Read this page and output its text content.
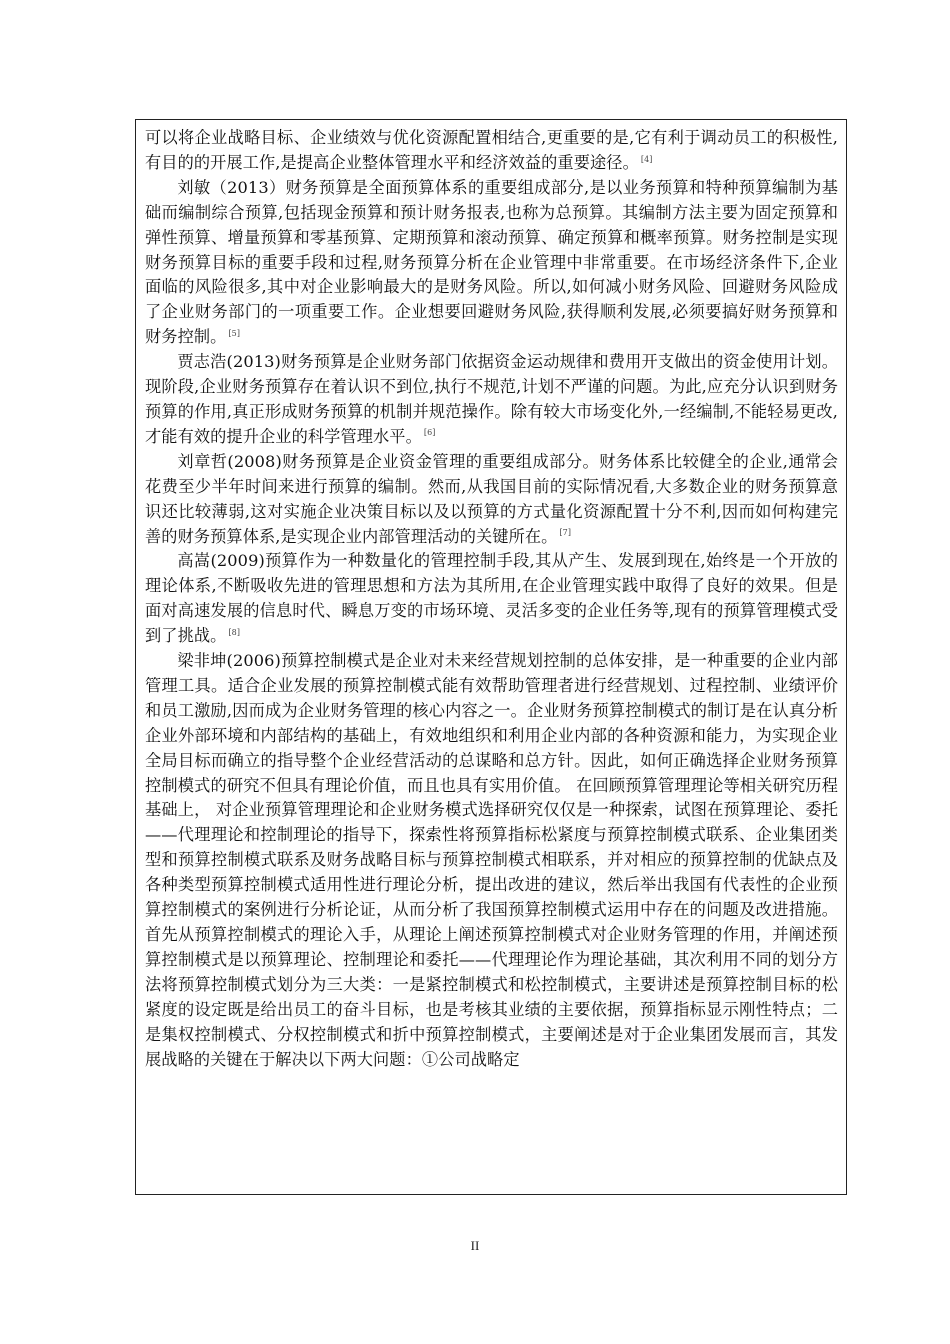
可以将企业战略目标、企业绩效与优化资源配置相结合,更重要的是,它有利于调动员工的积极性,有目的的开展工作,是提高企业整体管理水平和经济效益的重要途径。 [4]

刘敏（2013）财务预算是全面预算体系的重要组成部分,是以业务预算和特种预算编制为基础而编制综合预算,包括现金预算和预计财务报表,也称为总预算。其编制方法主要为固定预算和弹性预算、增量预算和零基预算、定期预算和滚动预算、确定预算和概率预算。财务控制是实现财务预算目标的重要手段和过程,财务预算分析在企业管理中非常重要。在市场经济条件下,企业面临的风险很多,其中对企业影响最大的是财务风险。所以,如何减小财务风险、回避财务风险成了企业财务部门的一项重要工作。企业想要回避财务风险,获得顺利发展,必须要搞好财务预算和财务控制。 [5]

贾志浩(2013)财务预算是企业财务部门依据资金运动规律和费用开支做出的资金使用计划。现阶段,企业财务预算存在着认识不到位,执行不规范,计划不严谨的问题。为此,应充分认识到财务预算的作用,真正形成财务预算的机制并规范操作。除有较大市场变化外,一经编制,不能轻易更改,才能有效的提升企业的科学管理水平。 [6]

刘章哲(2008)财务预算是企业资金管理的重要组成部分。财务体系比较健全的企业,通常会花费至少半年时间来进行预算的编制。然而,从我国目前的实际情况看,大多数企业的财务预算意识还比较薄弱,这对实施企业决策目标以及以预算的方式量化资源配置十分不利,因而如何构建完善的财务预算体系,是实现企业内部管理活动的关键所在。 [7]

高嵩(2009)预算作为一种数量化的管理控制手段,其从产生、发展到现在,始终是一个开放的理论体系,不断吸收先进的管理思想和方法为其所用,在企业管理实践中取得了良好的效果。但是面对高速发展的信息时代、瞬息万变的市场环境、灵活多变的企业任务等,现有的预算管理模式受到了挑战。 [8]

梁非坤(2006)预算控制模式是企业对未来经营规划控制的总体安排，是一种重要的企业内部管理工具。适合企业发展的预算控制模式能有效帮助管理者进行经营规划、过程控制、业绩评价和员工激励,因而成为企业财务管理的核心内容之一。企业财务预算控制模式的制订是在认真分析企业外部环境和内部结构的基础上，有效地组织和利用企业内部的各种资源和能力，为实现企业全局目标而确立的指导整个企业经营活动的总谋略和总方针。因此，如何正确选择企业财务预算控制模式的研究不但具有理论价值，而且也具有实用价值。 在回顾预算管理理论等相关研究历程基础上， 对企业预算管理理论和企业财务模式选择研究仅仅是一种探索，试图在预算理论、委托——代理理论和控制理论的指导下，探索性将预算指标松紧度与预算控制模式联系、企业集团类型和预算控制模式联系及财务战略目标与预算控制模式相联系，并对相应的预算控制的优缺点及各种类型预算控制模式适用性进行理论分析，提出改进的建议，然后举出我国有代表性的企业预算控制模式的案例进行分析论证，从而分析了我国预算控制模式运用中存在的问题及改进措施。 首先从预算控制模式的理论入手，从理论上阐述预算控制模式对企业财务管理的作用，并阐述预算控制模式是以预算理论、控制理论和委托——代理理论作为理论基础，其次利用不同的划分方法将预算控制模式划分为三大类：一是紧控制模式和松控制模式，主要讲述是预算控制目标的松紧度的设定既是给出员工的奋斗目标，也是考核其业绩的主要依据，预算指标显示刚性特点；二是集权控制模式、分权控制模式和折中预算控制模式，主要阐述是对于企业集团发展而言，其发展战略的关键在于解决以下两大问题：①公司战略定

II
